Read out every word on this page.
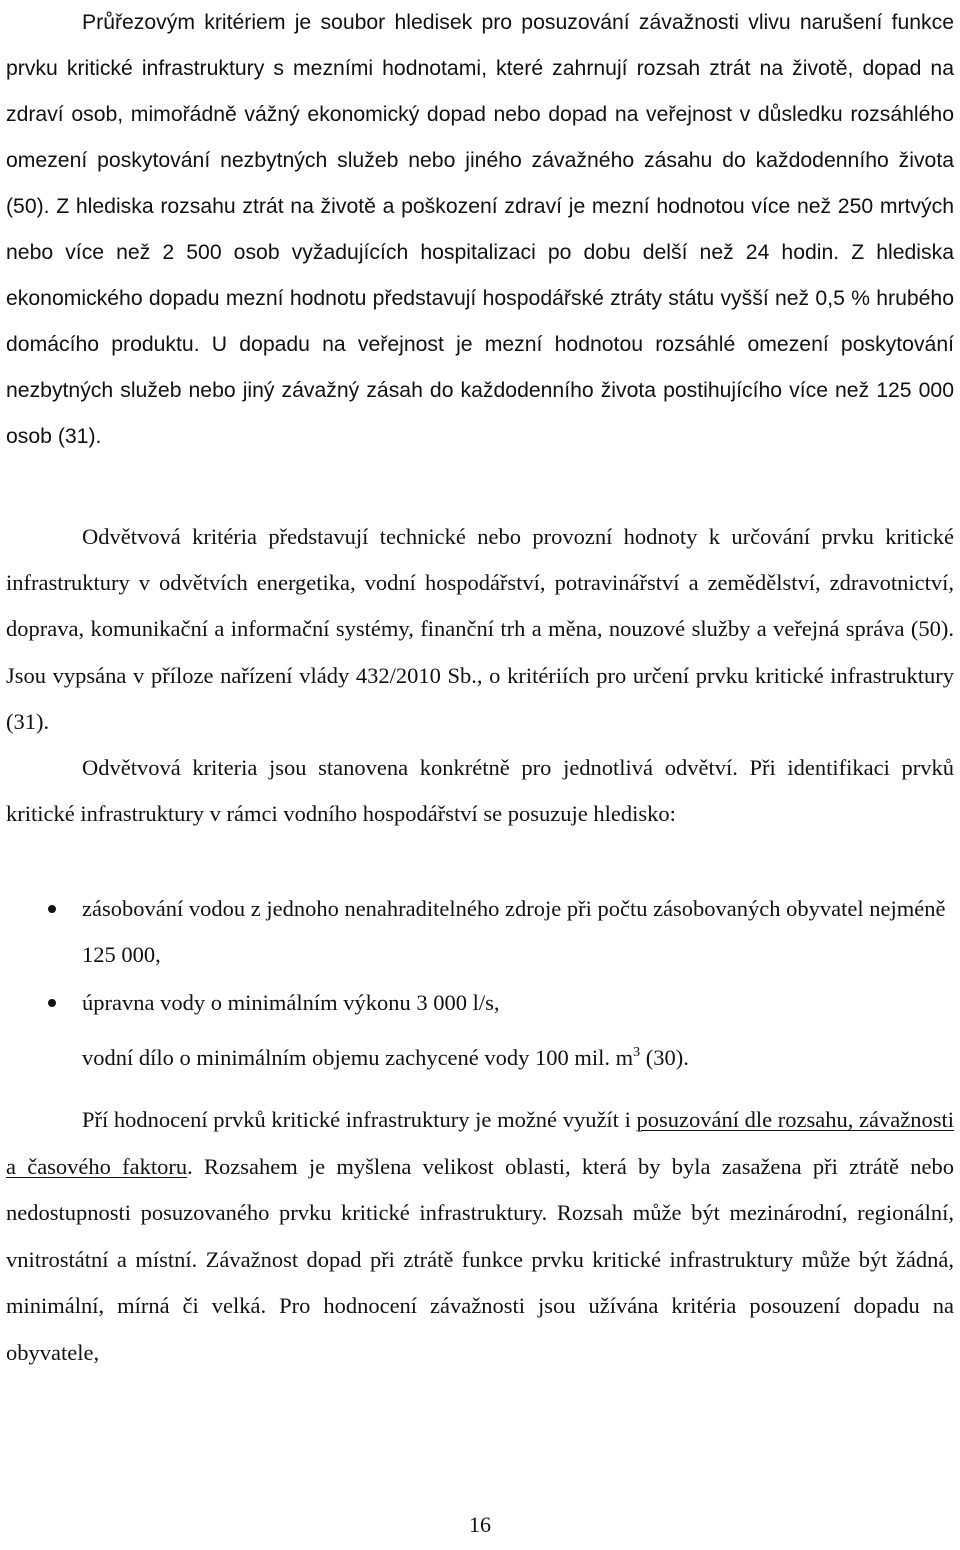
Průřezovým kritériem je soubor hledisek pro posuzování závažnosti vlivu narušení funkce prvku kritické infrastruktury s mezními hodnotami, které zahrnují rozsah ztrát na životě, dopad na zdraví osob, mimořádně vážný ekonomický dopad nebo dopad na veřejnost v důsledku rozsáhlého omezení poskytování nezbytných služeb nebo jiného závažného zásahu do každodenního života (50). Z hlediska rozsahu ztrát na životě a poškození zdraví je mezní hodnotou více než 250 mrtvých nebo více než 2 500 osob vyžadujících hospitalizaci po dobu delší než 24 hodin. Z hlediska ekonomického dopadu mezní hodnotu představují hospodářské ztráty státu vyšší než 0,5 % hrubého domácího produktu. U dopadu na veřejnost je mezní hodnotou rozsáhlé omezení poskytování nezbytných služeb nebo jiný závažný zásah do každodenního života postihujícího více než 125 000 osob (31).

Odvětvová kritéria představují technické nebo provozní hodnoty k určování prvku kritické infrastruktury v odvětvích energetika, vodní hospodářství, potravinářství a zemědělství, zdravotnictví, doprava, komunikační a informační systémy, finanční trh a měna, nouzové služby a veřejná správa (50). Jsou vypsána v příloze nařízení vlády 432/2010 Sb., o kritériích pro určení prvku kritické infrastruktury (31).

Odvětvová kriteria jsou stanovena konkrétně pro jednotlivá odvětví. Při identifikaci prvků kritické infrastruktury v rámci vodního hospodářství se posuzuje hledisko:

zásobování vodou z jednoho nenahraditelného zdroje při počtu zásobovaných obyvatel nejméně 125 000,
úpravna vody o minimálním výkonu 3 000 l/s,
vodní dílo o minimálním objemu zachycené vody 100 mil. $m^3$ (30).

Pří hodnocení prvků kritické infrastruktury je možné využít i posuzování dle rozsahu, závažnosti a časového faktoru. Rozsahem je myšlena velikost oblasti, která by byla zasažena při ztrátě nebo nedostupnosti posuzovaného prvku kritické infrastruktury. Rozsah může být mezinárodní, regionální, vnitrostátní a místní. Závažnost dopad při ztrátě funkce prvku kritické infrastruktury může být žádná, minimální, mírná či velká. Pro hodnocení závažnosti jsou užívána kritéria posouzení dopadu na obyvatele,

16
